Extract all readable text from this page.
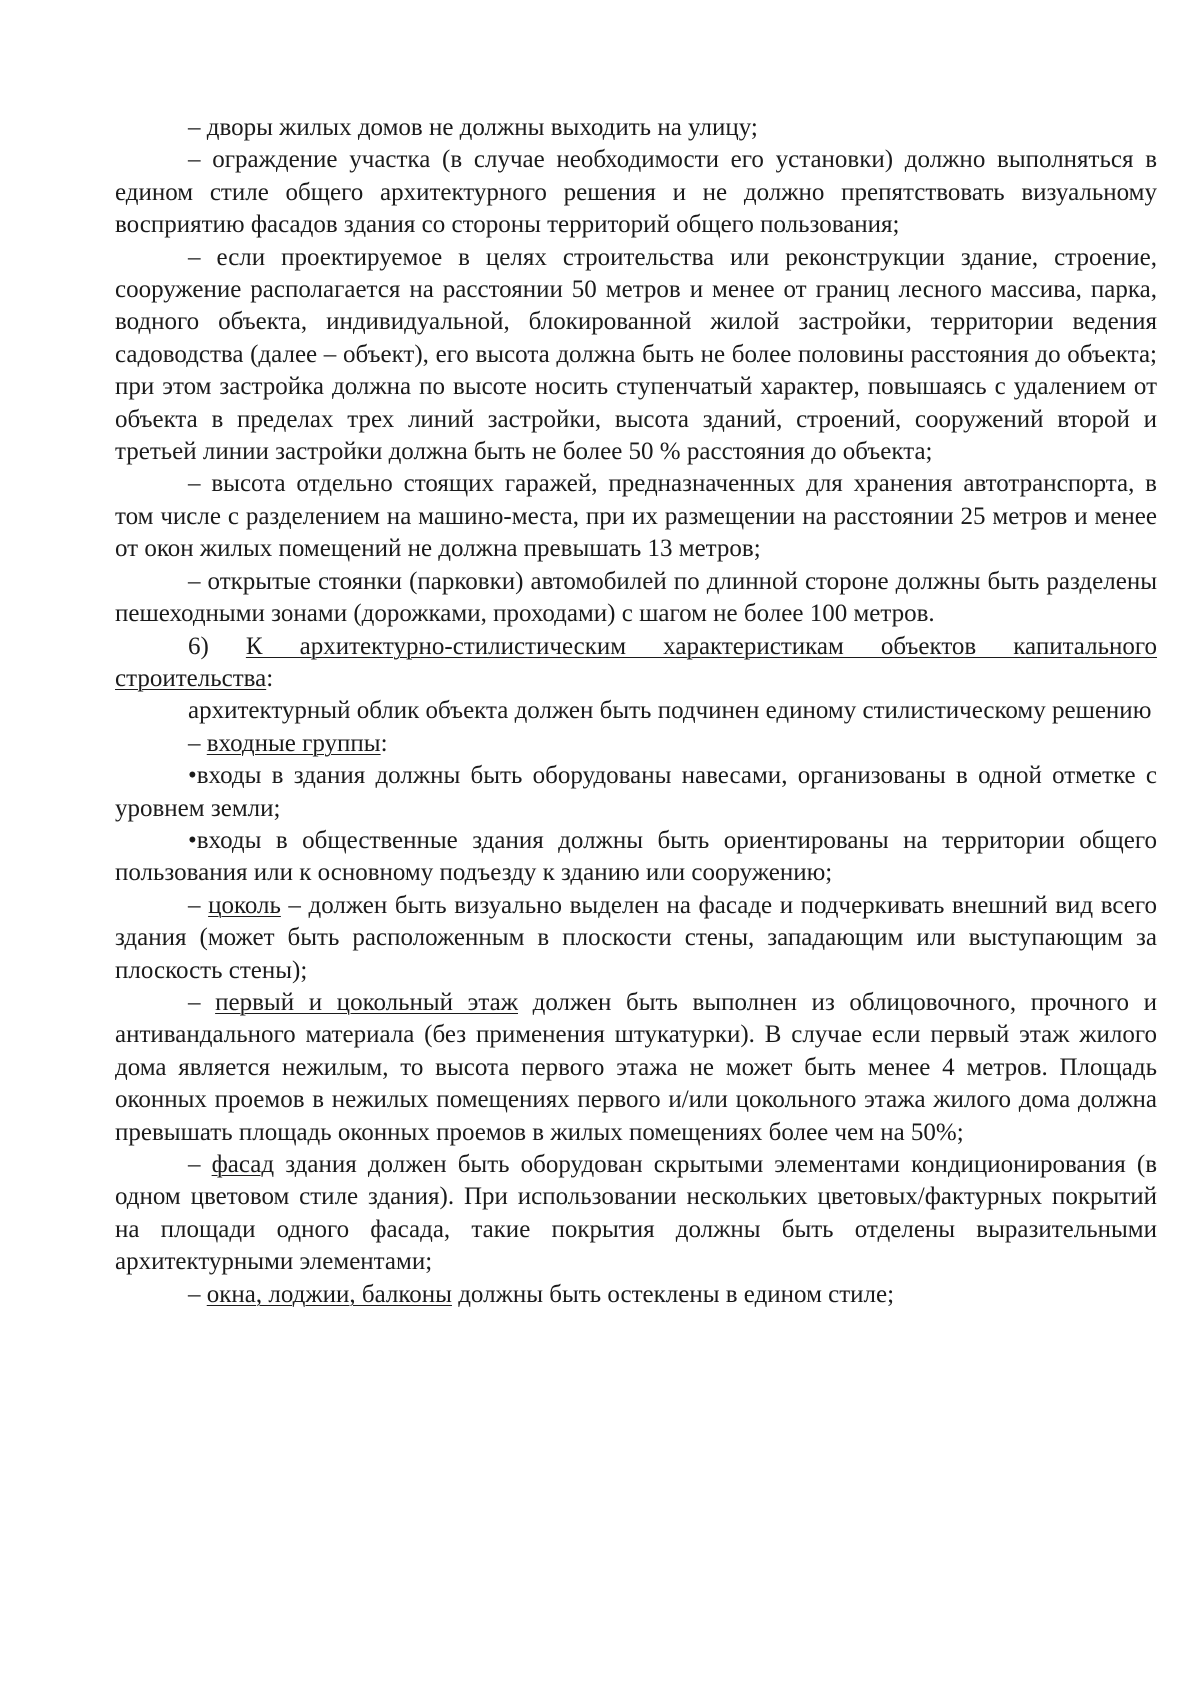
– дворы жилых домов не должны выходить на улицу;

– ограждение участка (в случае необходимости его установки) должно выполняться в едином стиле общего архитектурного решения и не должно препятствовать визуальному восприятию фасадов здания со стороны территорий общего пользования;

– если проектируемое в целях строительства или реконструкции здание, строение, сооружение располагается на расстоянии 50 метров и менее от границ лесного массива, парка, водного объекта, индивидуальной, блокированной жилой застройки, территории ведения садоводства (далее – объект), его высота должна быть не более половины расстояния до объекта; при этом застройка должна по высоте носить ступенчатый характер, повышаясь с удалением от объекта в пределах трех линий застройки, высота зданий, строений, сооружений второй и третьей линии застройки должна быть не более 50 % расстояния до объекта;

– высота отдельно стоящих гаражей, предназначенных для хранения автотранспорта, в том числе с разделением на машино-места, при их размещении на расстоянии 25 метров и менее от окон жилых помещений не должна превышать 13 метров;

– открытые стоянки (парковки) автомобилей по длинной стороне должны быть разделены пешеходными зонами (дорожками, проходами) с шагом не более 100 метров.

6) К архитектурно-стилистическим характеристикам объектов капитального строительства:

архитектурный облик объекта должен быть подчинен единому стилистическому решению

– входные группы:

•входы в здания должны быть оборудованы навесами, организованы в одной отметке с уровнем земли;

•входы в общественные здания должны быть ориентированы на территории общего пользования или к основному подъезду к зданию или сооружению;

– цоколь – должен быть визуально выделен на фасаде и подчеркивать внешний вид всего здания (может быть расположенным в плоскости стены, западающим или выступающим за плоскость стены);

– первый и цокольный этаж должен быть выполнен из облицовочного, прочного и антивандального материала (без применения штукатурки). В случае если первый этаж жилого дома является нежилым, то высота первого этажа не может быть менее 4 метров. Площадь оконных проемов в нежилых помещениях первого и/или цокольного этажа жилого дома должна превышать площадь оконных проемов в жилых помещениях более чем на 50%;

– фасад здания должен быть оборудован скрытыми элементами кондиционирования (в одном цветовом стиле здания). При использовании нескольких цветовых/фактурных покрытий на площади одного фасада, такие покрытия должны быть отделены выразительными архитектурными элементами;

– окна, лоджии, балконы должны быть остеклены в едином стиле;
